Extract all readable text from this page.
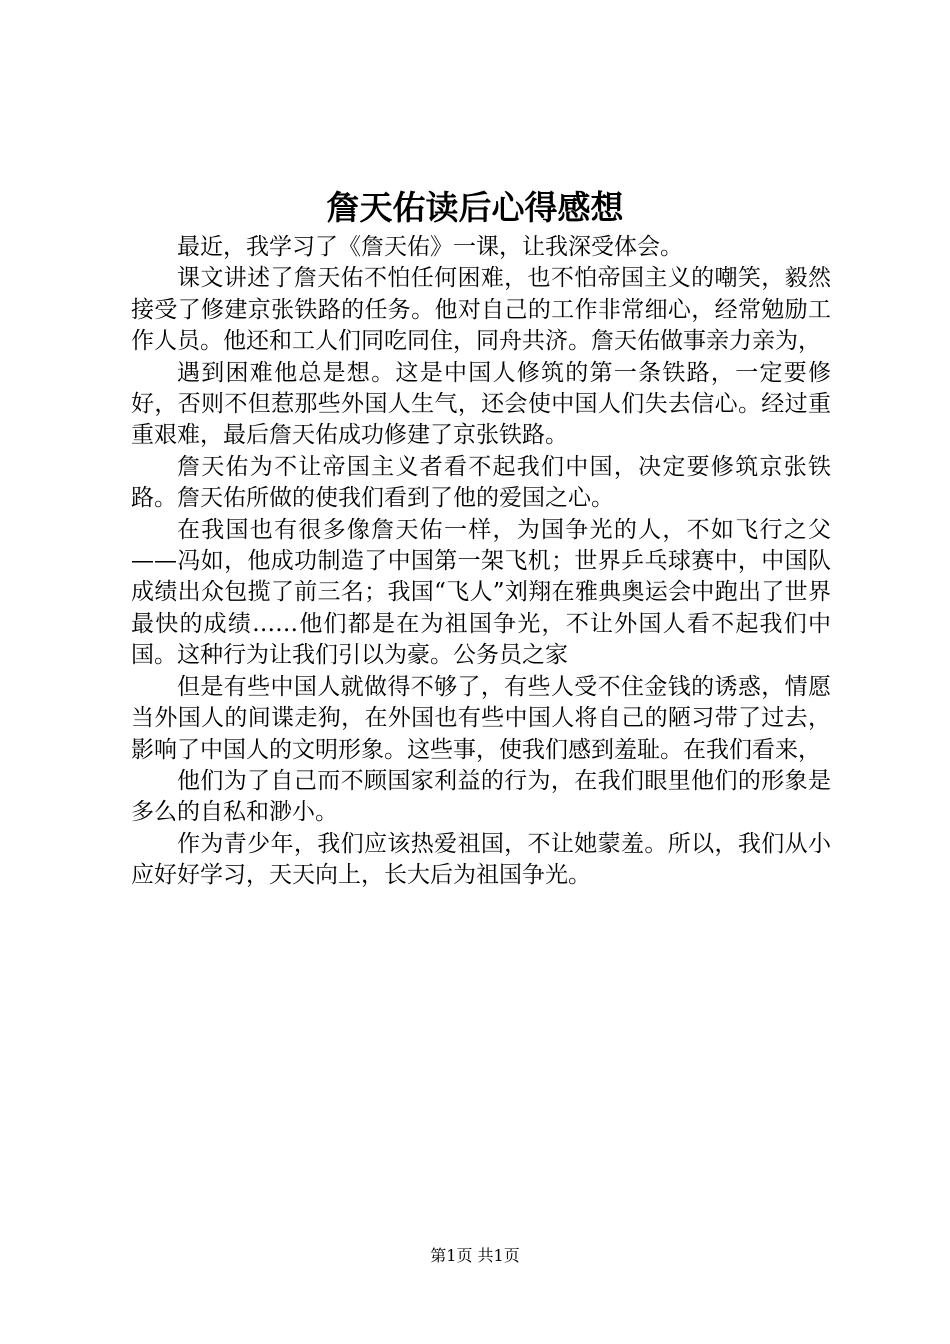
詹天佑读后心得感想

最近，我学习了《詹天佑》一课，让我深受体会。

课文讲述了詹天佑不怕任何困难，也不怕帝国主义的嘲笑，毅然接受了修建京张铁路的任务。他对自己的工作非常细心，经常勉励工作人员。他还和工人们同吃同住，同舟共济。詹天佑做事亲力亲为，

遇到困难他总是想。这是中国人修筑的第一条铁路，一定要修好，否则不但惹那些外国人生气，还会使中国人们失去信心。经过重重艰难，最后詹天佑成功修建了京张铁路。

詹天佑为不让帝国主义者看不起我们中国，决定要修筑京张铁路。詹天佑所做的使我们看到了他的爱国之心。

在我国也有很多像詹天佑一样，为国争光的人，不如飞行之父——冯如，他成功制造了中国第一架飞机；世界乒乓球赛中，中国队成绩出众包揽了前三名；我国“飞人”刘翔在雅典奥运会中跑出了世界最快的成绩……他们都是在为祖国争光，不让外国人看不起我们中国。这种行为让我们引以为豪。公务员之家

但是有些中国人就做得不够了，有些人受不住金钱的诱惑，情愿当外国人的间谍走狗，在外国也有些中国人将自己的陋习带了过去，影响了中国人的文明形象。这些事，使我们感到羞耻。在我们看来，

他们为了自己而不顾国家利益的行为，在我们眼里他们的形象是多么的自私和渺小。

作为青少年，我们应该热爱祖国，不让她蒙羞。所以，我们从小应好好学习，天天向上，长大后为祖国争光。

第1页 共1页
